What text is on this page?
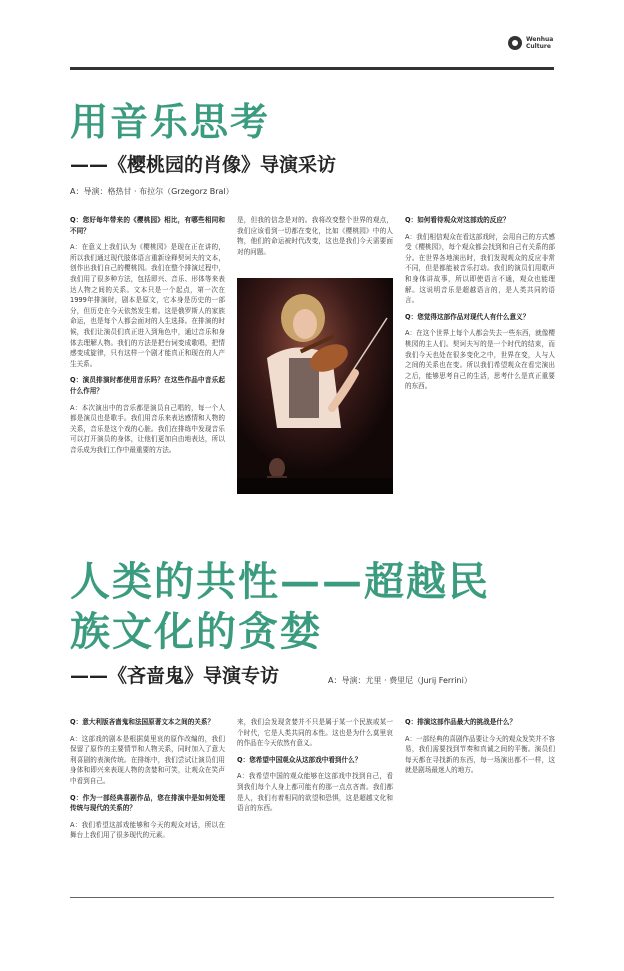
Wenhua
Culture
用音乐思考
——《樱桃园的肖像》导演采访
A：导演：格热甘 · 布拉尔（Grzegorz Bral）

Q：您好每年带来的《樱桃园》相比，有哪些相同和不同？

A：在意义上我们认为《樱桃园》是现在正在讲的，所以我们通过现代肢体语言重新诠释契诃夫的文本，创作出我们自己的樱桃园。我们在整个排演过程中，我们用了很多种方法，包括即兴、音乐、形体等来表达人物之间的关系。文本只是一个起点，第一次在1999年排演时，剧本是原文，它本身是历史的一部分，但历史在今天依然发生着。这是俄罗斯人的家族命运，也是每个人都会面对的人生选择。在排演的时候，我们让演员们真正进入到角色中，通过音乐和身体去理解人物。我们的方法是把台词变成歌唱，把情感变成旋律，只有这样一个剧才能真正和现在的人产生关系。

Q：演员排演时都使用音乐吗？在这些作品中音乐起什么作用？

A：本次演出中的音乐都是演员自己唱的，每一个人都是演员也是歌手。我们用音乐来表达感情和人物的关系，音乐是这个戏的心脏。我们在排练中发现音乐可以打开演员的身体，让他们更加自由地表达，所以音乐成为我们工作中最重要的方法。

是，但我的信念是对的。我将改变整个世界的观点，我们应该看到一切都在变化，比如《樱桃园》中的人物，他们的命运被时代改变，这也是我们今天需要面对的问题。

Q：如何看待观众对这部戏的反应？

A：我们相信观众在看这部戏时，会用自己的方式感受《樱桃园》，每个观众都会找到和自己有关系的部分。在世界各地演出时，我们发现观众的反应非常不同，但是都能被音乐打动。我们的演员们用歌声和身体讲故事，所以即使语言不通，观众也能理解。这说明音乐是超越语言的，是人类共同的语言。

Q：您觉得这部作品对现代人有什么意义？

A：在这个世界上每个人都会失去一些东西，就像樱桃园的主人们。契诃夫写的是一个时代的结束，而我们今天也处在很多变化之中，世界在变，人与人之间的关系也在变。所以我们希望观众在看完演出之后，能够思考自己的生活，思考什么是真正重要的东西。

人类的共性——超越民
族文化的贪婪
——《吝啬鬼》导演专访	A：导演：尤里 · 费里尼（Jurij Ferrini）

Q：意大利版吝啬鬼和法国原著文本之间的关系？

A：这部戏的剧本是根据莫里哀的原作改编的，我们保留了原作的主要情节和人物关系，同时加入了意大利喜剧的表演传统。在排练中，我们尝试让演员们用身体和即兴来表现人物的贪婪和可笑，让观众在笑声中看到自己。

Q：作为一部经典喜剧作品，您在排演中是如何处理传统与现代的关系的？

A：我们希望这部戏能够和今天的观众对话，所以在舞台上我们用了很多现代的元素。

来，我们会发现贪婪并不只是属于某一个民族或某一个时代，它是人类共同的本性。这也是为什么莫里哀的作品在今天依然有意义。

Q：您希望中国观众从这部戏中看到什么？

A：我希望中国的观众能够在这部戏中找到自己，看到我们每个人身上都可能有的那一点点吝啬。我们都是人，我们有着相同的欲望和恐惧，这是超越文化和语言的东西。

Q：排演这部作品最大的挑战是什么？

A：一部经典的喜剧作品要让今天的观众发笑并不容易，我们需要找到节奏和真诚之间的平衡。演员们每天都在寻找新的东西，每一场演出都不一样，这就是剧场最迷人的地方。
